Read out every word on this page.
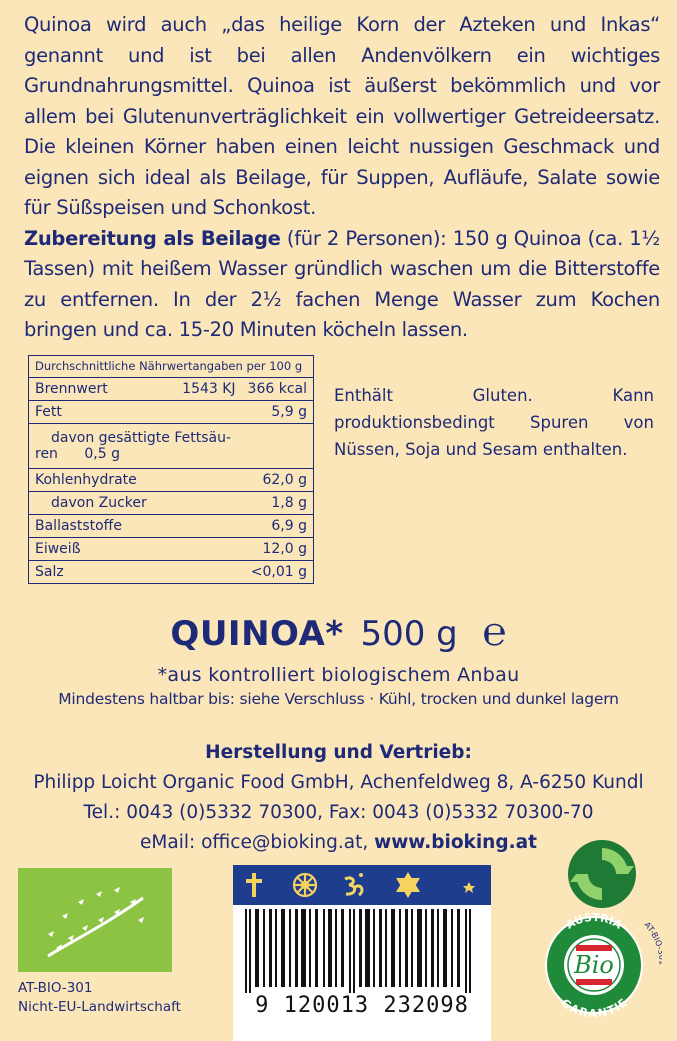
Quinoa wird auch „das heilige Korn der Azteken und Inkas“ genannt und ist bei allen Andenvölkern ein wichtiges Grundnahrungsmittel. Quinoa ist äußerst bekömmlich und vor allem bei Glutenunverträglichkeit ein vollwertiger Getreideersatz. Die kleinen Körner haben einen leicht nussigen Geschmack und eignen sich ideal als Beilage, für Suppen, Aufläufe, Salate sowie für Süßspeisen und Schonkost.

Zubereitung als Beilage (für 2 Personen): 150 g Quinoa (ca. 1½ Tassen) mit heißem Wasser gründlich waschen um die Bitterstoffe zu entfernen. In der 2½ fachen Menge Wasser zum Kochen bringen und ca. 15-20 Minuten köcheln lassen.

Durchschnittliche Nährwertangaben per 100 g
Brennwert	1543 KJ 366 kcal
Fett	5,9 g
davon gesättigte Fettsäu-
ren 0,5 g
Kohlenhydrate	62,0 g
davon Zucker	1,8 g
Ballaststoffe	6,9 g
Eiweiß	12,0 g
Salz	<0,01 g
Enthält Gluten. Kann produktionsbedingt Spuren von Nüssen, Soja und Sesam enthalten.
QUINOA* 500 g ℮
*aus kontrolliert biologischem Anbau
Mindestens haltbar bis: siehe Verschluss · Kühl, trocken und dunkel lagern
Herstellung und Vertrieb:
Philipp Loicht Organic Food GmbH, Achenfeldweg 8, A-6250 Kundl
Tel.: 0043 (0)5332 70300, Fax: 0043 (0)5332 70300-70
eMail: office@bioking.at, www.bioking.at
AT-BIO-301
Nicht-EU-Landwirtschaft	9 120013 232098
AUSTRIA
GARANTIE
Bio
AT-BI
